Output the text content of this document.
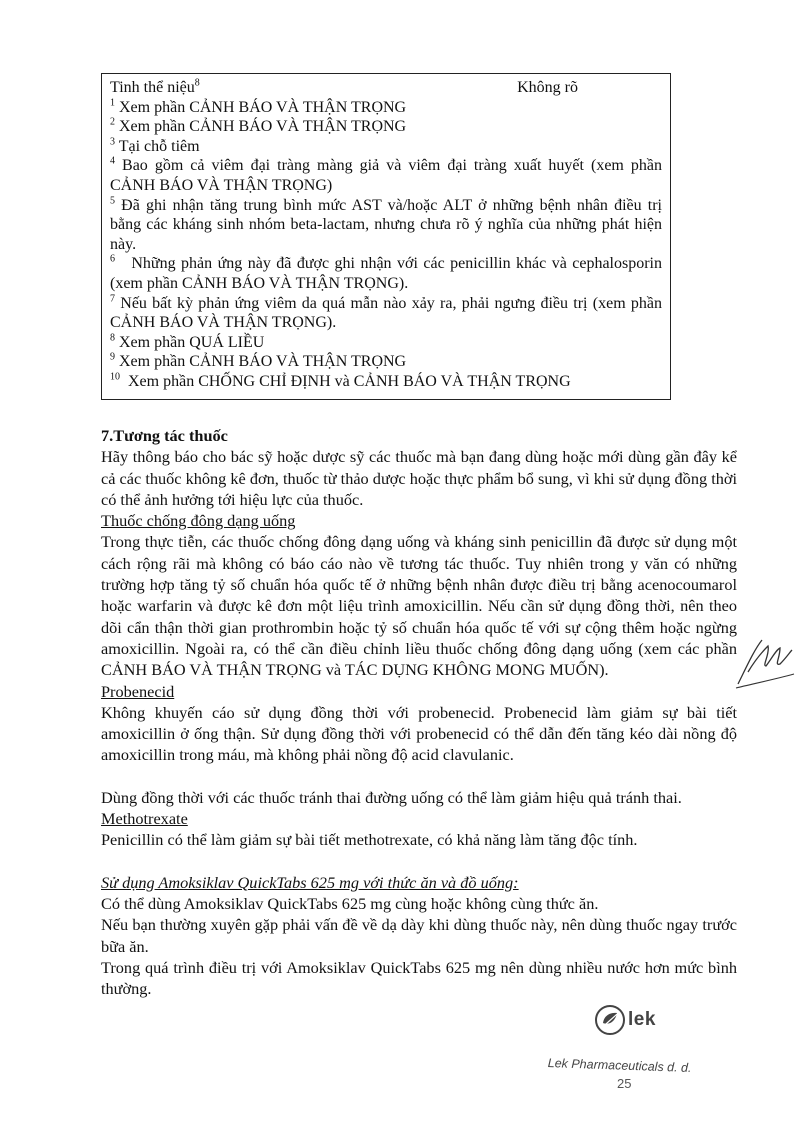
Tinh thể niệu$^8$	Không rõ

$^1$ Xem phần CẢNH BÁO VÀ THẬN TRỌNG

$^2$ Xem phần CẢNH BÁO VÀ THẬN TRỌNG

$^3$ Tại chỗ tiêm

$^4$ Bao gồm cả viêm đại tràng màng giả và viêm đại tràng xuất huyết (xem phần CẢNH BÁO VÀ THẬN TRỌNG)

$^5$ Đã ghi nhận tăng trung bình mức AST và/hoặc ALT ở những bệnh nhân điều trị bằng các kháng sinh nhóm beta-lactam, nhưng chưa rõ ý nghĩa của những phát hiện này.

$^6$ Những phản ứng này đã được ghi nhận với các penicillin khác và cephalosporin (xem phần CẢNH BÁO VÀ THẬN TRỌNG).

$^7$ Nếu bất kỳ phản ứng viêm da quá mẫn nào xảy ra, phải ngưng điều trị (xem phần CẢNH BÁO VÀ THẬN TRỌNG).

$^8$ Xem phần QUÁ LIỀU

$^9$ Xem phần CẢNH BÁO VÀ THẬN TRỌNG

$^{10}$ Xem phần CHỐNG CHỈ ĐỊNH và CẢNH BÁO VÀ THẬN TRỌNG

7.Tương tác thuốc

Hãy thông báo cho bác sỹ hoặc dược sỹ các thuốc mà bạn đang dùng hoặc mới dùng gần đây kể cả các thuốc không kê đơn, thuốc từ thảo dược hoặc thực phẩm bổ sung, vì khi sử dụng đồng thời có thể ảnh hưởng tới hiệu lực của thuốc.

Thuốc chống đông dạng uống

Trong thực tiễn, các thuốc chống đông dạng uống và kháng sinh penicillin đã được sử dụng một cách rộng rãi mà không có báo cáo nào về tương tác thuốc. Tuy nhiên trong y văn có những trường hợp tăng tỷ số chuẩn hóa quốc tế ở những bệnh nhân được điều trị bằng acenocoumarol hoặc warfarin và được kê đơn một liệu trình amoxicillin. Nếu cần sử dụng đồng thời, nên theo dõi cẩn thận thời gian prothrombin hoặc tỷ số chuẩn hóa quốc tế với sự cộng thêm hoặc ngừng amoxicillin. Ngoài ra, có thể cần điều chỉnh liều thuốc chống đông dạng uống (xem các phần CẢNH BÁO VÀ THẬN TRỌNG và TÁC DỤNG KHÔNG MONG MUỐN).

Probenecid

Không khuyến cáo sử dụng đồng thời với probenecid. Probenecid làm giảm sự bài tiết amoxicillin ở ống thận. Sử dụng đồng thời với probenecid có thể dẫn đến tăng kéo dài nồng độ amoxicillin trong máu, mà không phải nồng độ acid clavulanic.

Dùng đồng thời với các thuốc tránh thai đường uống có thể làm giảm hiệu quả tránh thai.

Methotrexate

Penicillin có thể làm giảm sự bài tiết methotrexate, có khả năng làm tăng độc tính.

Sử dụng Amoksiklav QuickTabs 625 mg với thức ăn và đồ uống:

Có thể dùng Amoksiklav QuickTabs 625 mg cùng hoặc không cùng thức ăn.

Nếu bạn thường xuyên gặp phải vấn đề về dạ dày khi dùng thuốc này, nên dùng thuốc ngay trước bữa ăn.

Trong quá trình điều trị với Amoksiklav QuickTabs 625 mg nên dùng nhiều nước hơn mức bình thường.

lek
Lek Pharmaceuticals d. d.
25
